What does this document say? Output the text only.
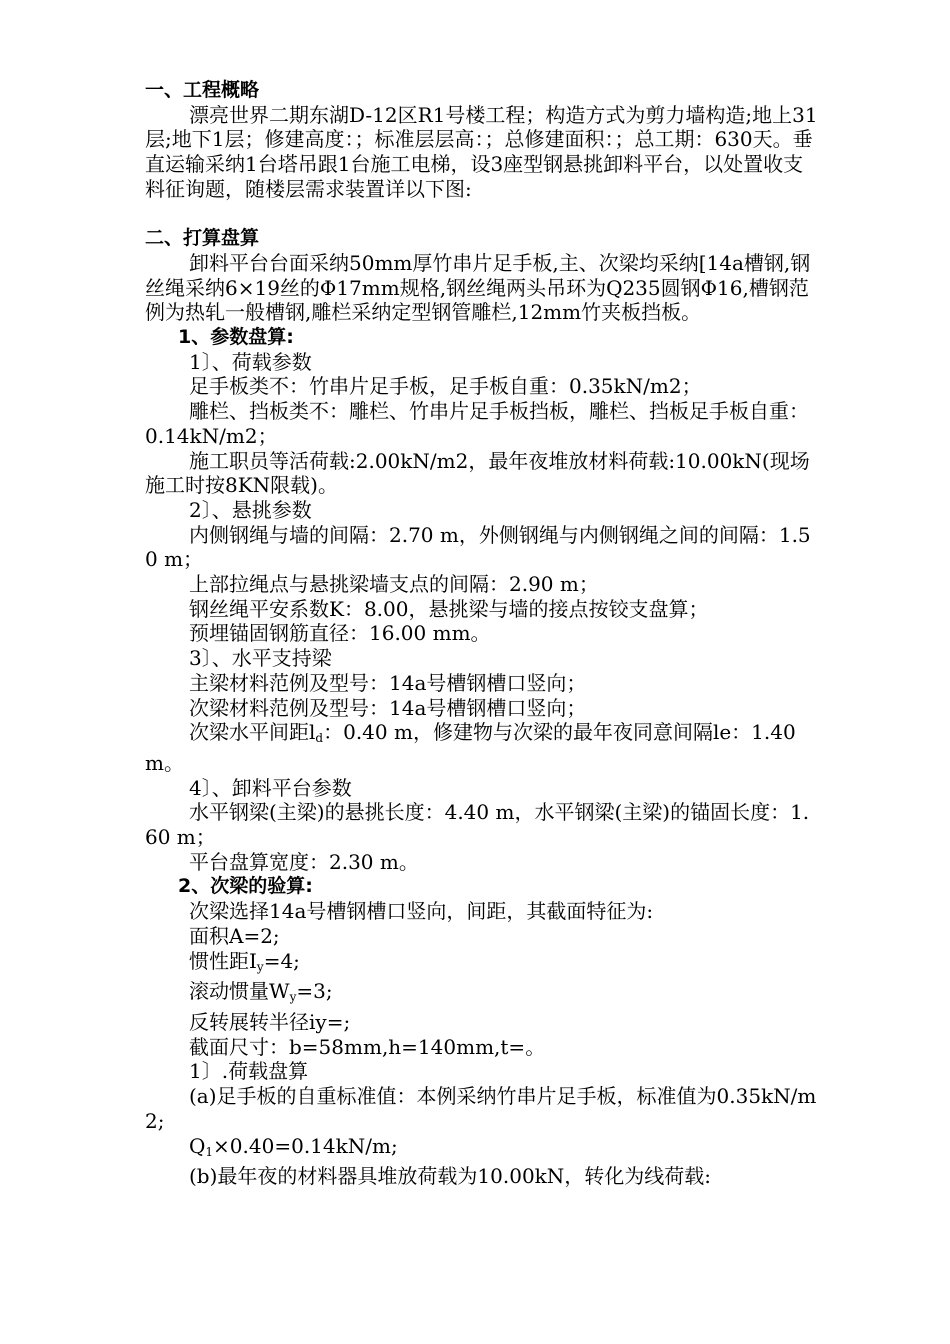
一、工程概略

漂亮世界二期东湖D-12区R1号楼工程；构造方式为剪力墙构造;地上31层;地下1层；修建高度：；标准层层高：；总修建面积：；总工期：630天。垂直运输采纳1台塔吊跟1台施工电梯，设3座型钢悬挑卸料平台，以处置收支料征询题，随楼层需求装置详以下图:

二、打算盘算

卸料平台台面采纳50mm厚竹串片足手板,主、次梁均采纳[14a槽钢,钢丝绳采纳6×19丝的Φ17mm规格,钢丝绳两头吊环为Q235圆钢Φ16,槽钢范例为热轧一般槽钢,雕栏采纳定型钢管雕栏,12mm竹夹板挡板。

1、参数盘算:

1〕、荷载参数

足手板类不：竹串片足手板，足手板自重：0.35kN/m2；

雕栏、挡板类不：雕栏、竹串片足手板挡板，雕栏、挡板足手板自重：0.14kN/m2；

施工职员等活荷载:2.00kN/m2，最年夜堆放材料荷载:10.00kN(现场施工时按8KN限载)。

2〕、悬挑参数

内侧钢绳与墙的间隔：2.70 m，外侧钢绳与内侧钢绳之间的间隔：1.50 m；

上部拉绳点与悬挑梁墙支点的间隔：2.90 m；

钢丝绳平安系数K：8.00，悬挑梁与墙的接点按铰支盘算；

预埋锚固钢筋直径：16.00 mm。

3〕、水平支持梁

主梁材料范例及型号：14a号槽钢槽口竖向；

次梁材料范例及型号：14a号槽钢槽口竖向；

次梁水平间距$l_d$：0.40 m，修建物与次梁的最年夜同意间隔le：1.40 m。

4〕、卸料平台参数

水平钢梁(主梁)的悬挑长度：4.40 m，水平钢梁(主梁)的锚固长度：1.60 m；

平台盘算宽度：2.30 m。

2、次梁的验算:

次梁选择14a号槽钢槽口竖向，间距，其截面特征为:

面积A=2;

惯性距$I_y=4$;

滚动惯量$W_y=3$;

反转展转半径iy=;

截面尺寸：b=58mm,h=140mm,t=。

1〕.荷载盘算

(a)足手板的自重标准值：本例采纳竹串片足手板，标准值为0.35kN/m2;

$Q_1\times 0.40=0.14kN/m$;

(b)最年夜的材料器具堆放荷载为10.00kN，转化为线荷载:
